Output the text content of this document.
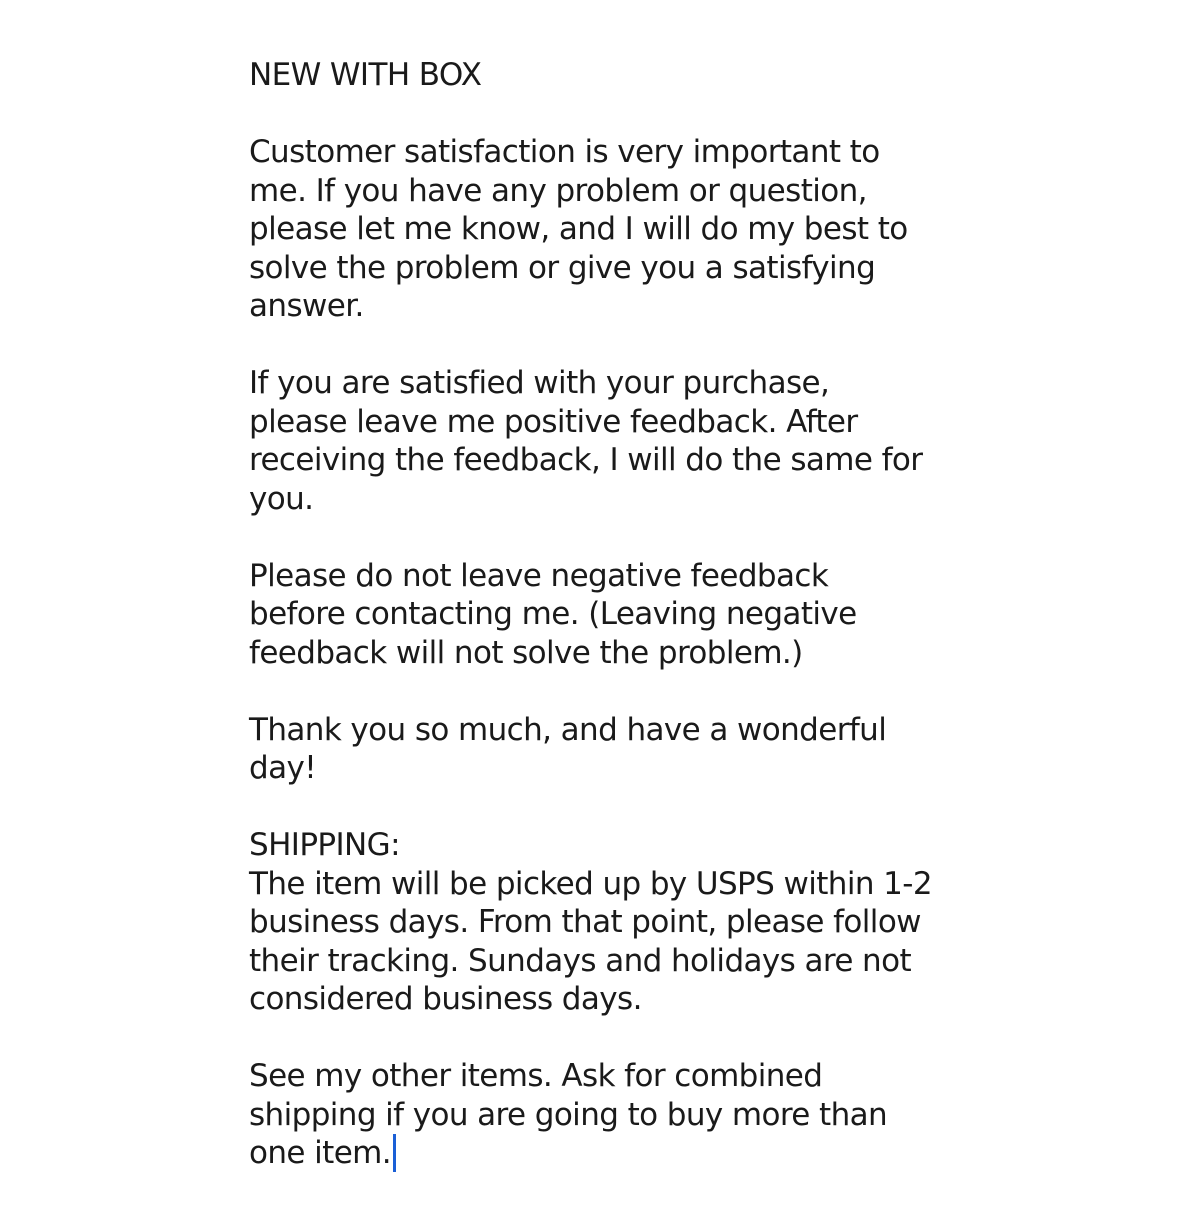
NEW WITH BOX
Customer satisfaction is very important to
me. If you have any problem or question,
please let me know, and I will do my best to
solve the problem or give you a satisfying
answer.
If you are satisfied with your purchase,
please leave me positive feedback. After
receiving the feedback, I will do the same for
you.
Please do not leave negative feedback
before contacting me. (Leaving negative
feedback will not solve the problem.)
Thank you so much, and have a wonderful
day!
SHIPPING:
The item will be picked up by USPS within 1-2
business days. From that point, please follow
their tracking. Sundays and holidays are not
considered business days.
See my other items. Ask for combined
shipping if you are going to buy more than
one item.
